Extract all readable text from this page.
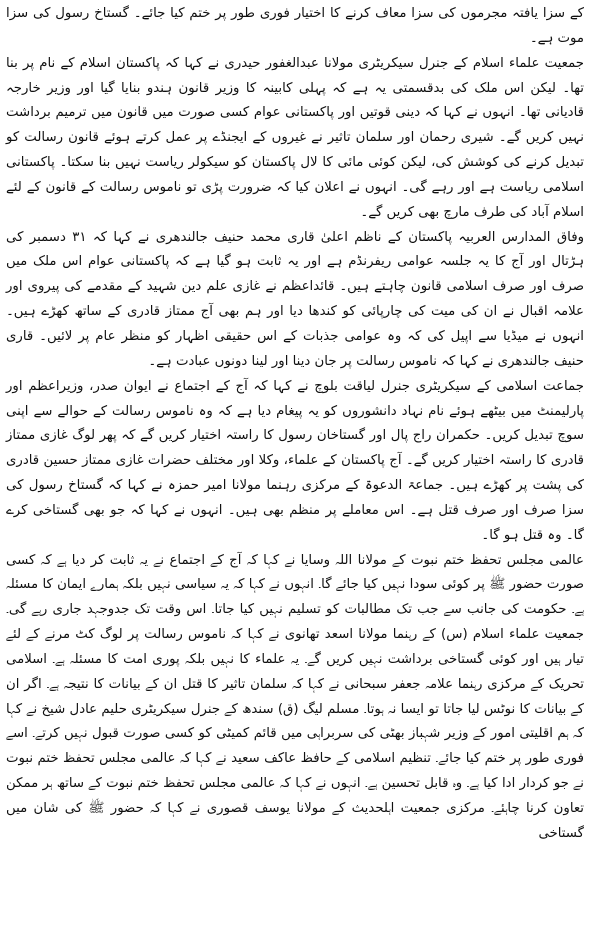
کے سزا یافتہ مجرموں کی سزا معاف کرنے کا اختیار فوری طور پر ختم کیا جائے۔ گستاخ رسول کی سزا موت ہے۔

جمعیت علماء اسلام کے جنرل سیکریٹری مولانا عبدالغفور حیدری نے کہا کہ پاکستان اسلام کے نام پر بنا تھا۔ لیکن اس ملک کی بدقسمتی یہ ہے کہ پہلی کابینہ کا وزیر قانون ہندو بنایا گیا اور وزیر خارجہ قادیانی تھا۔ انہوں نے کہا کہ دینی قوتیں اور پاکستانی عوام کسی صورت میں قانون میں ترمیم برداشت نہیں کریں گے۔ شیری رحمان اور سلمان تاثیر نے غیروں کے ایجنڈے پر عمل کرتے ہوئے قانون رسالت کو تبدیل کرنے کی کوشش کی، لیکن کوئی مائی کا لال پاکستان کو سیکولر ریاست نہیں بنا سکتا۔ پاکستانی اسلامی ریاست ہے اور رہے گی۔ انہوں نے اعلان کیا کہ ضرورت پڑی تو ناموس رسالت کے قانون کے لئے اسلام آباد کی طرف مارچ بھی کریں گے۔

وفاق المدارس العربیہ پاکستان کے ناظم اعلیٰ قاری محمد حنیف جالندھری نے کہا کہ ۳۱ دسمبر کی ہڑتال اور آج کا یہ جلسہ عوامی ریفرنڈم ہے اور یہ ثابت ہو گیا ہے کہ پاکستانی عوام اس ملک میں صرف اور صرف اسلامی قانون چاہتے ہیں۔ قائداعظم نے غازی علم دین شہید کے مقدمے کی پیروی اور علامہ اقبال نے ان کی میت کی چارپائی کو کندھا دیا اور ہم بھی آج ممتاز قادری کے ساتھ کھڑے ہیں۔ انہوں نے میڈیا سے اپیل کی کہ وہ عوامی جذبات کے اس حقیقی اظہار کو منظر عام پر لائیں۔ قاری حنیف جالندھری نے کہا کہ ناموس رسالت پر جان دینا اور لینا دونوں عبادت ہے۔

جماعت اسلامی کے سیکریٹری جنرل لیاقت بلوچ نے کہا کہ آج کے اجتماع نے ایوان صدر، وزیراعظم اور پارلیمنٹ میں بیٹھے ہوئے نام نہاد دانشوروں کو یہ پیغام دیا ہے کہ وہ ناموس رسالت کے حوالے سے اپنی سوچ تبدیل کریں۔ حکمران راج پال اور گستاخان رسول کا راستہ اختیار کریں گے کہ پھر لوگ غازی ممتاز قادری کا راستہ اختیار کریں گے۔ آج پاکستان کے علماء، وکلا اور مختلف حضرات غازی ممتاز حسین قادری کی پشت پر کھڑے ہیں۔ جماعۃ الدعوۃ کے مرکزی رہنما مولانا امیر حمزہ نے کہا کہ گستاخ رسول کی سزا صرف اور صرف قتل ہے۔ اس معاملے پر منظم بھی ہیں۔ انہوں نے کہا کہ جو بھی گستاخی کرے گا۔ وہ قتل ہو گا۔

عالمی مجلس تحفظ ختم نبوت کے مولانا اللہ وسایا نے کہا کہ آج کے اجتماع نے یہ ثابت کر دیا ہے کہ کسی صورت حضور ﷺ پر کوئی سودا نہیں کیا جائے گا۔ انہوں نے کہا کہ یہ سیاسی نہیں بلکہ ہمارے ایمان کا مسئلہ ہے۔ حکومت کی جانب سے جب تک مطالبات کو تسلیم نہیں کیا جاتا۔ اس وقت تک جدوجہد جاری رہے گی۔ جمعیت علماء اسلام (س) کے رہنما مولانا اسعد تھانوی نے کہا کہ ناموس رسالت پر لوگ کٹ مرنے کے لئے تیار ہیں اور کوئی گستاخی برداشت نہیں کریں گے۔ یہ علماء کا نہیں بلکہ پوری امت کا مسئلہ ہے۔ اسلامی تحریک کے مرکزی رہنما علامہ جعفر سبحانی نے کہا کہ سلمان تاثیر کا قتل ان کے بیانات کا نتیجہ ہے۔ اگر ان کے بیانات کا نوٹس لیا جاتا تو ایسا نہ ہوتا۔ مسلم لیگ (ق) سندھ کے جنرل سیکریٹری حلیم عادل شیخ نے کہا کہ ہم اقلیتی امور کے وزیر شہباز بھٹی کی سربراہی میں قائم کمیٹی کو کسی صورت قبول نہیں کرتے۔ اسے فوری طور پر ختم کیا جائے۔ تنظیم اسلامی کے حافظ عاکف سعید نے کہا کہ عالمی مجلس تحفظ ختم نبوت نے جو کردار ادا کیا ہے۔ وہ قابل تحسین ہے۔ انہوں نے کہا کہ عالمی مجلس تحفظ ختم نبوت کے ساتھ ہر ممکن تعاون کرنا چاہئے۔ مرکزی جمعیت اہلحدیث کے مولانا یوسف قصوری نے کہا کہ حضور ﷺ کی شان میں گستاخی
